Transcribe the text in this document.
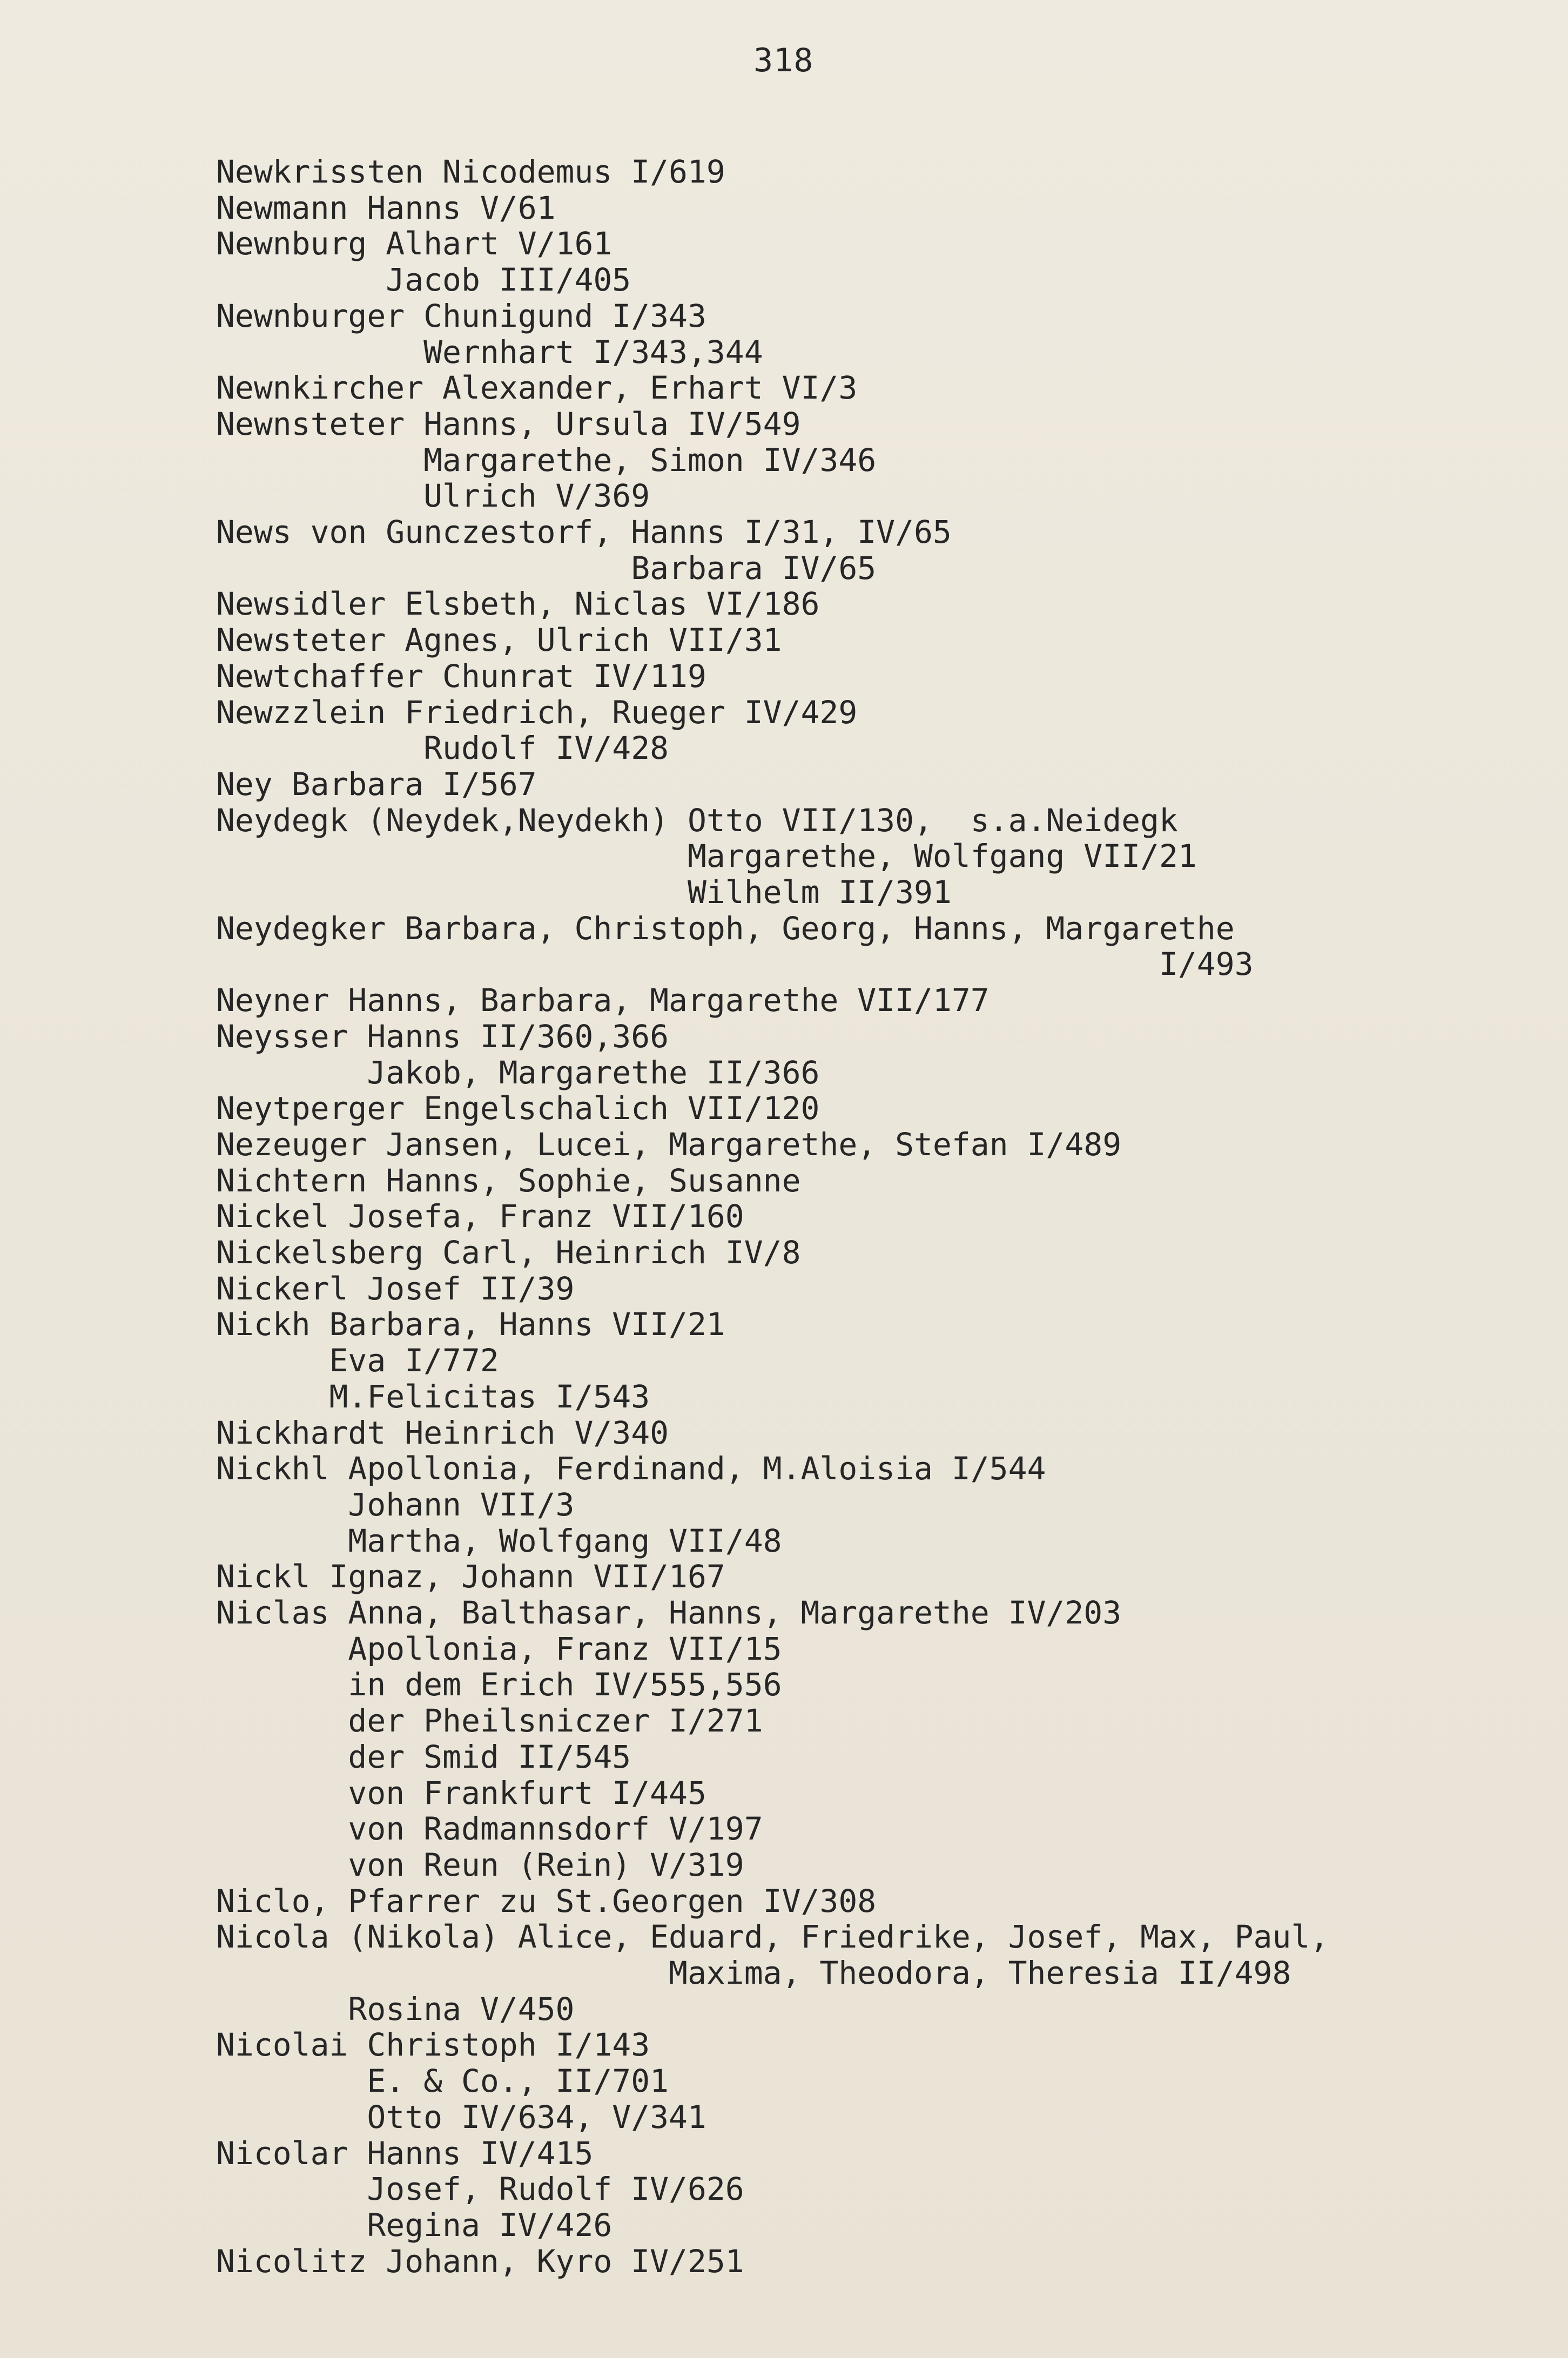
318
Newkrissten Nicodemus I/619
Newmann Hanns V/61
Newnburg Alhart V/161
Jacob III/405
Newnburger Chunigund I/343
Wernhart I/343,344
Newnkircher Alexander, Erhart VI/3
Newnsteter Hanns, Ursula IV/549
Margarethe, Simon IV/346
Ulrich V/369
News von Gunczestorf, Hanns I/31, IV/65
Barbara IV/65
Newsidler Elsbeth, Niclas VI/186
Newsteter Agnes, Ulrich VII/31
Newtchaffer Chunrat IV/119
Newzzlein Friedrich, Rueger IV/429
Rudolf IV/428
Ney Barbara I/567
Neydegk (Neydek,Neydekh) Otto VII/130,  s.a.Neidegk
Margarethe, Wolfgang VII/21
Wilhelm II/391
Neydegker Barbara, Christoph, Georg, Hanns, Margarethe
I/493
Neyner Hanns, Barbara, Margarethe VII/177
Neysser Hanns II/360,366
Jakob, Margarethe II/366
Neytperger Engelschalich VII/120
Nezeuger Jansen, Lucei, Margarethe, Stefan I/489
Nichtern Hanns, Sophie, Susanne
Nickel Josefa, Franz VII/160
Nickelsberg Carl, Heinrich IV/8
Nickerl Josef II/39
Nickh Barbara, Hanns VII/21
Eva I/772
M.Felicitas I/543
Nickhardt Heinrich V/340
Nickhl Apollonia, Ferdinand, M.Aloisia I/544
Johann VII/3
Martha, Wolfgang VII/48
Nickl Ignaz, Johann VII/167
Niclas Anna, Balthasar, Hanns, Margarethe IV/203
Apollonia, Franz VII/15
in dem Erich IV/555,556
der Pheilsniczer I/271
der Smid II/545
von Frankfurt I/445
von Radmannsdorf V/197
von Reun (Rein) V/319
Niclo, Pfarrer zu St.Georgen IV/308
Nicola (Nikola) Alice, Eduard, Friedrike, Josef, Max, Paul,
Maxima, Theodora, Theresia II/498
Rosina V/450
Nicolai Christoph I/143
E. & Co., II/701
Otto IV/634, V/341
Nicolar Hanns IV/415
Josef, Rudolf IV/626
Regina IV/426
Nicolitz Johann, Kyro IV/251
